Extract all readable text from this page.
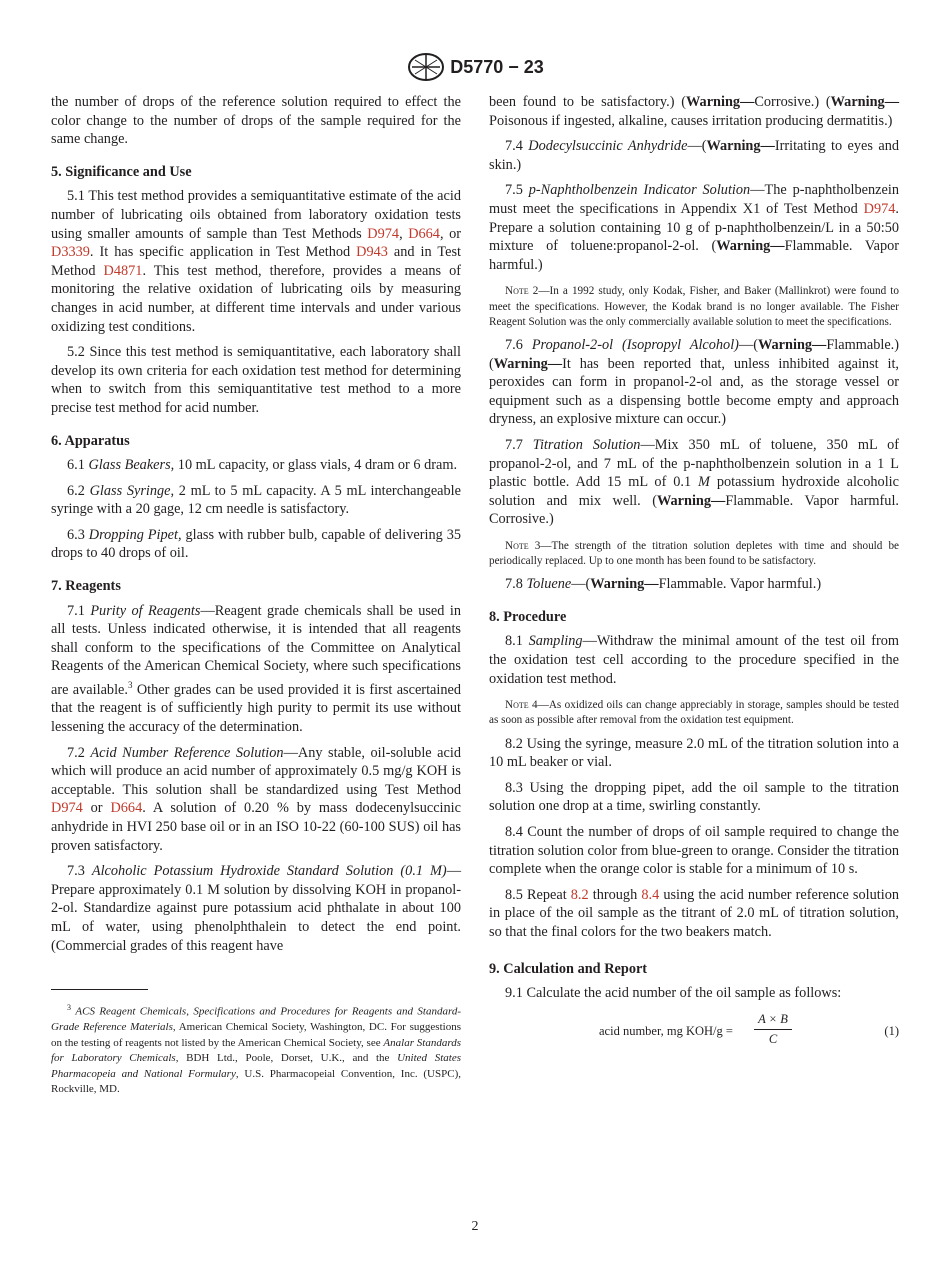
D5770 − 23

the number of drops of the reference solution required to effect the color change to the number of drops of the sample required for the same change.

5. Significance and Use

5.1 This test method provides a semiquantitative estimate of the acid number of lubricating oils obtained from laboratory oxidation tests using smaller amounts of sample than Test Methods D974, D664, or D3339. It has specific application in Test Method D943 and in Test Method D4871. This test method, therefore, provides a means of monitoring the relative oxidation of lubricating oils by measuring changes in acid number, at different time intervals and under various oxidizing test conditions.

5.2 Since this test method is semiquantitative, each laboratory shall develop its own criteria for each oxidation test method for determining when to switch from this semiquantitative test method to a more precise test method for acid number.

6. Apparatus

6.1 Glass Beakers, 10 mL capacity, or glass vials, 4 dram or 6 dram.

6.2 Glass Syringe, 2 mL to 5 mL capacity. A 5 mL interchangeable syringe with a 20 gage, 12 cm needle is satisfactory.

6.3 Dropping Pipet, glass with rubber bulb, capable of delivering 35 drops to 40 drops of oil.

7. Reagents

7.1 Purity of Reagents—Reagent grade chemicals shall be used in all tests. Unless indicated otherwise, it is intended that all reagents shall conform to the specifications of the Committee on Analytical Reagents of the American Chemical Society, where such specifications are available.$^3$ Other grades can be used provided it is first ascertained that the reagent is of sufficiently high purity to permit its use without lessening the accuracy of the determination.

7.2 Acid Number Reference Solution—Any stable, oil-soluble acid which will produce an acid number of approximately 0.5 mg/g KOH is acceptable. This solution shall be standardized using Test Method D974 or D664. A solution of 0.20 % by mass dodecenylsuccinic anhydride in HVI 250 base oil or in an ISO 10-22 (60-100 SUS) oil has proven satisfactory.

7.3 Alcoholic Potassium Hydroxide Standard Solution (0.1 M)—Prepare approximately 0.1 M solution by dissolving KOH in propanol-2-ol. Standardize against pure potassium acid phthalate in about 100 mL of water, using phenolphthalein to detect the end point. (Commercial grades of this reagent have

$^3$ ACS Reagent Chemicals, Specifications and Procedures for Reagents and Standard-Grade Reference Materials, American Chemical Society, Washington, DC. For suggestions on the testing of reagents not listed by the American Chemical Society, see Analar Standards for Laboratory Chemicals, BDH Ltd., Poole, Dorset, U.K., and the United States Pharmacopeia and National Formulary, U.S. Pharmacopeial Convention, Inc. (USPC), Rockville, MD.

been found to be satisfactory.) (Warning—Corrosive.) (Warning—Poisonous if ingested, alkaline, causes irritation producing dermatitis.)

7.4 Dodecylsuccinic Anhydride—(Warning—Irritating to eyes and skin.)

7.5 p-Naphtholbenzein Indicator Solution—The p-naphtholbenzein must meet the specifications in Appendix X1 of Test Method D974. Prepare a solution containing 10 g of p-naphtholbenzein/L in a 50:50 mixture of toluene:propanol-2-ol. (Warning—Flammable. Vapor harmful.)

Note 2—In a 1992 study, only Kodak, Fisher, and Baker (Mallinkrot) were found to meet the specifications. However, the Kodak brand is no longer available. The Fisher Reagent Solution was the only commercially available solution to meet the specifications.

7.6 Propanol-2-ol (Isopropyl Alcohol)—(Warning—Flammable.) (Warning—It has been reported that, unless inhibited against it, peroxides can form in propanol-2-ol and, as the storage vessel or equipment such as a dispensing bottle become empty and approach dryness, an explosive mixture can occur.)

7.7 Titration Solution—Mix 350 mL of toluene, 350 mL of propanol-2-ol, and 7 mL of the p-naphtholbenzein solution in a 1 L plastic bottle. Add 15 mL of 0.1 M potassium hydroxide alcoholic solution and mix well. (Warning—Flammable. Vapor harmful. Corrosive.)

Note 3—The strength of the titration solution depletes with time and should be periodically replaced. Up to one month has been found to be satisfactory.

7.8 Toluene—(Warning—Flammable. Vapor harmful.)

8. Procedure

8.1 Sampling—Withdraw the minimal amount of the test oil from the oxidation test cell according to the procedure specified in the oxidation test method.

Note 4—As oxidized oils can change appreciably in storage, samples should be tested as soon as possible after removal from the oxidation test equipment.

8.2 Using the syringe, measure 2.0 mL of the titration solution into a 10 mL beaker or vial.

8.3 Using the dropping pipet, add the oil sample to the titration solution one drop at a time, swirling constantly.

8.4 Count the number of drops of oil sample required to change the titration solution color from blue-green to orange. Consider the titration complete when the orange color is stable for a minimum of 10 s.

8.5 Repeat 8.2 through 8.4 using the acid number reference solution in place of the oil sample as the titrant of 2.0 mL of titration solution, so that the final colors for the two beakers match.

9. Calculation and Report

9.1 Calculate the acid number of the oil sample as follows:

acid number, mg $KOH/g = \frac{A \times B}{C}$	(1)
2
